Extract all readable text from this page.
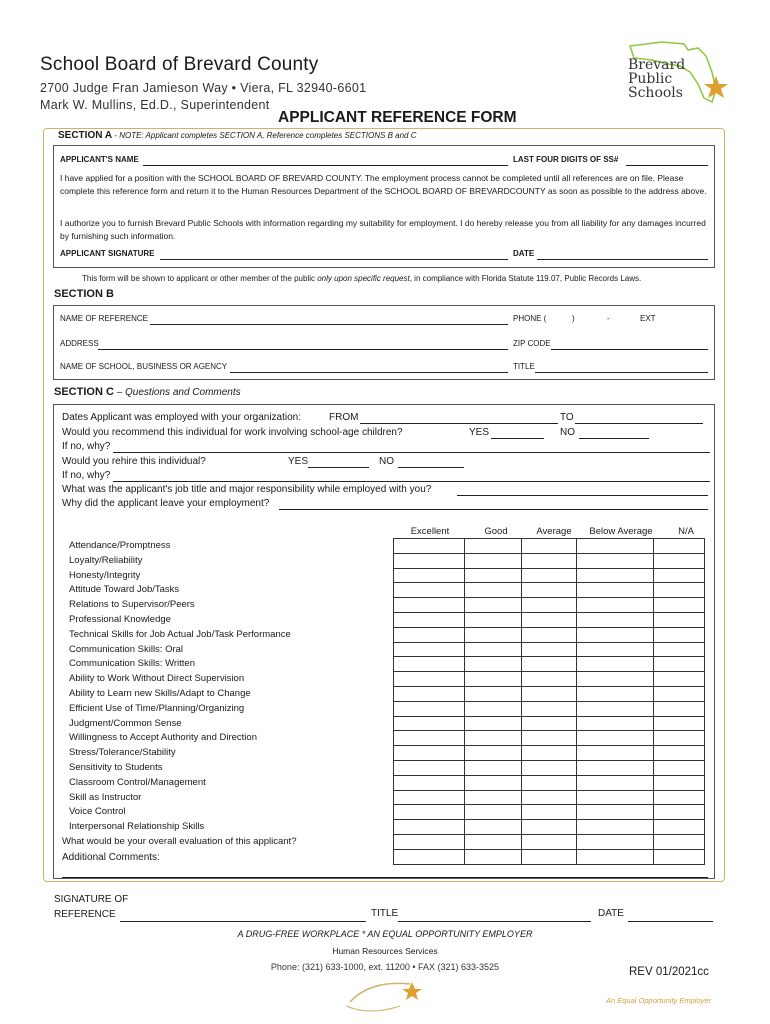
School Board of Brevard County
2700 Judge Fran Jamieson Way • Viera, FL 32940-6601
Mark W. Mullins, Ed.D., Superintendent
APPLICANT REFERENCE FORM
Brevard
Public
Schools
SECTION A - NOTE: Applicant completes SECTION A, Reference completes SECTIONS B and C
APPLICANT'S NAME	LAST FOUR DIGITS OF SS#
I have applied for a position with the SCHOOL BOARD OF BREVARD COUNTY. The employment process cannot be completed until all references are on file. Please complete this reference form and return it to the Human Resources Department of the SCHOOL BOARD OF BREVARDCOUNTY as soon as possible to the address above.
I authorize you to furnish Brevard Public Schools with information regarding my suitability for employment. I do hereby release you from all liability for any damages incurred by furnishing such information.
APPLICANT SIGNATURE	DATE
This form will be shown to applicant or other member of the public only upon specific request, in compliance with Florida Statute 119.07, Public Records Laws.
SECTION B
NAME OF REFERENCE	PHONE (	)	-	EXT
ADDRESS	ZIP CODE
NAME OF SCHOOL, BUSINESS OR AGENCY	TITLE
SECTION C – Questions and Comments
Dates Applicant was employed with your organization:	FROM	TO
Would you recommend this individual for work involving school-age children?	YES	NO
If no, why?
Would you rehire this individual?	YES	NO
If no, why?
What was the applicant's job title and major responsibility while employed with you?
Why did the applicant leave your employment?
Excellent	Good	Average	Below Average	N/A
Attendance/Promptness
Loyalty/Reliability
Honesty/Integrity
Attitude Toward Job/Tasks
Relations to Supervisor/Peers
Professional Knowledge
Technical Skills for Job Actual Job/Task Performance
Communication Skills: Oral
Communication Skills: Written
Ability to Work Without Direct Supervision
Ability to Learn new Skills/Adapt to Change
Efficient Use of Time/Planning/Organizing
Judgment/Common Sense
Willingness to Accept Authority and Direction
Stress/Tolerance/Stability
Sensitivity to Students
Classroom Control/Management
Skill as Instructor
Voice Control
Interpersonal Relationship Skills
What would be your overall evaluation of this applicant?

Additional Comments:
SIGNATURE OF
REFERENCE	TITLE	DATE
A DRUG-FREE WORKPLACE * AN EQUAL OPPORTUNITY EMPLOYER
Human Resources Services
Phone: (321) 633-1000, ext. 11200 • FAX (321) 633-3525	REV 01/2021cc
An Equal Opportunity Employer
